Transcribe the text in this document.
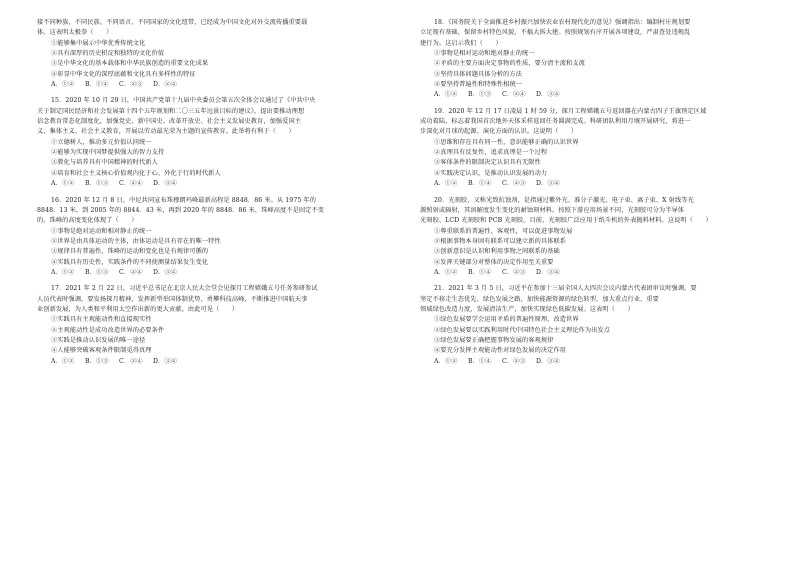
接不同种族、不同民族、不同语言、不同国家的文化纽带，已经成为中国文化对外交流传播重要载

体。这表明太极拳（　　）

①能够集中展示中华优秀传统文化

②具有深厚的历史积淀和独特的文化价值

③是中华文化的基本载体和中华民族创造的重要文化成果

④彰显中华文化的深厚底蕴和文化具有多样性的特征

A．①② B．①④ C．②③ D．②④

15．2020 年 10 月 29 日，中国共产党第十九届中央委员会第五次全体会议通过了《中共中央

关于制定国民经济和社会发展第十四个五年规划和二〇三五年远景目标的建议》，提出要推动理想

信念教育常态化制度化，加强党史、新中国史、改革开放史、社会主义发展史教育，加强爱国主

义、集体主义、社会主义教育，开展以劳动最光荣为主题的宣传教育。此举将有利于（　　）

①立德树人，推动多元价值认同统一

②能够为实现中国梦提供强大的智力支持

③教化与培养具有中国精神的时代新人

④培育和社会主义核心价值观内化于心、外化于行的时代新人

A．①② B．①③ C．②④ D．③④

16．2020 年 12 月 8 日，中尼共同宣布珠穆朗玛峰最新高程是 8848．86 米。从 1975 年的

8848．13 米，到 2005 年的 8844．43 米，再到 2020 年的 8848．86 米，珠峰高度不是固定不变

的。珠峰的高度变化体现了（　　）

①事物是绝对运动和相对静止的统一

②世界是由具体运动的主体，由体运动是具有存在的唯一特性

③规律具有普遍性，珠峰的运动和变化也是有规律可循的

④实践具有历史性，实践条件的不同使测量结果发生变化

A．①② B．①③ C．②④ D．③④

17．2021 年 2 月 22 日，习近平总书记在北京人民大会堂会见探月工程嫦娥五号任务参研参试

人员代表时强调，要发扬探月精神，发挥新型举国体制优势，勇攀科技高峰，不断推进中国航天事

业创新发展，为人类和平利用太空作出新的更大贡献。由此可见（　　）

①实践具有主观能动性和直接现实性

②主观能动性是成功改造世界的必要条件

③实践是推动认识发展的唯一途径

④人能够突破客观条件限制觅得真理

A．①② B．①③ C．②④ D．③④

18．《国务院关于全面推进乡村振兴加快农业农村现代化的意见》强调指出：编制村庄规划要

立足现有基础，保留乡村特色风貌，不搞大拆大建。按照规划有序开展各项建设，严肃查处违规乱

建行为。这启示我们（　　）

①事物是相对运动和绝对静止的统一

②矛盾的主要方面决定事物的性质，要分清主流和支流

③坚持具体问题具体分析的方法

④要坚持普遍性和特殊性相统一

A．①② B．①③ C．②④ D．③④

19．2020 年 12 月 17 日凌晨 1 时 59 分，探月工程嫦娥五号返回器在内蒙古四子王旗预定区域

成功着陆，标志着我国首次地外天体采样返回任务圆满完成。科研团队利用月壤开展研究，将进一

步深化对月球的起源、演化方面的认识。这说明（　　）

①思维和存在具有同一性，意识能够正确的认识世界

②真理具有反复性，追求真理是一个过程

③客体条件的限制决定认识具有无限性

④实践决定认识，是推动认识发展的动力

A．①② B．①④ C．②③ D．③④

20．光刻胶，又称光致抗蚀剂，是指通过紫外光、准分子激光、电子束、离子束、X 射线等光

源照射或辐射，其溶解度发生变化的耐蚀刻材料。按照下游应用场景不同，光刻胶可分为半导体

光刻胶、LCD 光刻胶和 PCB 光刻胶。目前，光刻胶广泛应用于纸斗机的外表抛料材料。这说明（　　）

①尊重联系的普遍性、客观性，可以促进事物发展

②根据事物本身固有联系可以建立新的具体联系

③创新意识是认识和利用事物之间联系的基础

④发挥关键部分对整体的决定作用至关重要

A．①② B．①④ C．②③ D．③④

21．2021 年 3 月 5 日，习近平在参加十三届全国人大四次会议内蒙古代表团审议时强调，要

坚定不移走生态优先、绿色发展之路，加快能源资源的绿色转型，加大重点行业、重要

领域绿色改造力度，发展清洁生产，加快实现绿色低碳发展。这表明（　　）

①绿色发展要学会运用矛盾的普遍性原理，改造世界

②绿色发展要以实践利用时代中国特色社会主义理论作为出发点

③绿色发展要正确把握事物发展的客观规律

④要充分发挥主观能动性对绿色发展的决定作用

A．①② B．①④ C．②③ D．③④
